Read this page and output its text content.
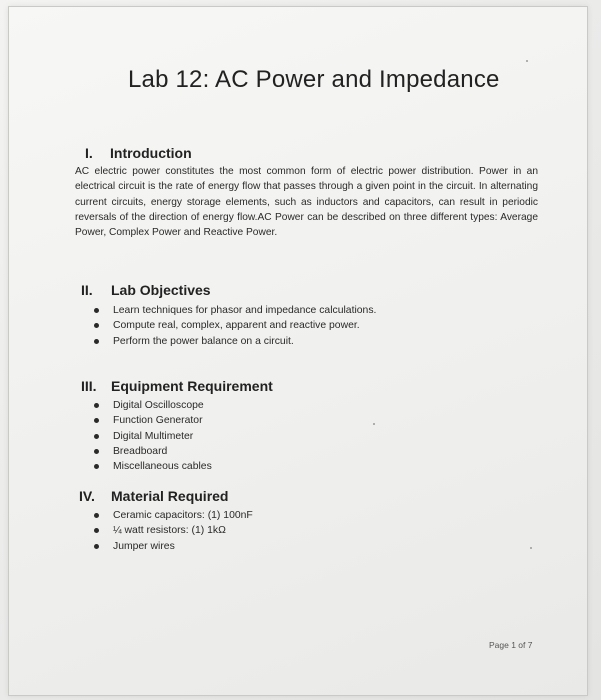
Lab 12: AC Power and Impedance
I.	Introduction
AC electric power constitutes the most common form of electric power distribution. Power in an electrical circuit is the rate of energy flow that passes through a given point in the circuit. In alternating current circuits, energy storage elements, such as inductors and capacitors, can result in periodic reversals of the direction of energy flow.AC Power can be described on three different types: Average Power, Complex Power and Reactive Power.
II.	Lab Objectives
Learn techniques for phasor and impedance calculations.
Compute real, complex, apparent and reactive power.
Perform the power balance on a circuit.
III.	Equipment Requirement
Digital Oscilloscope
Function Generator
Digital Multimeter
Breadboard
Miscellaneous cables
IV.	Material Required
Ceramic capacitors: (1) 100nF
¼ watt resistors: (1) 1kΩ
Jumper wires
Page 1 of 7
